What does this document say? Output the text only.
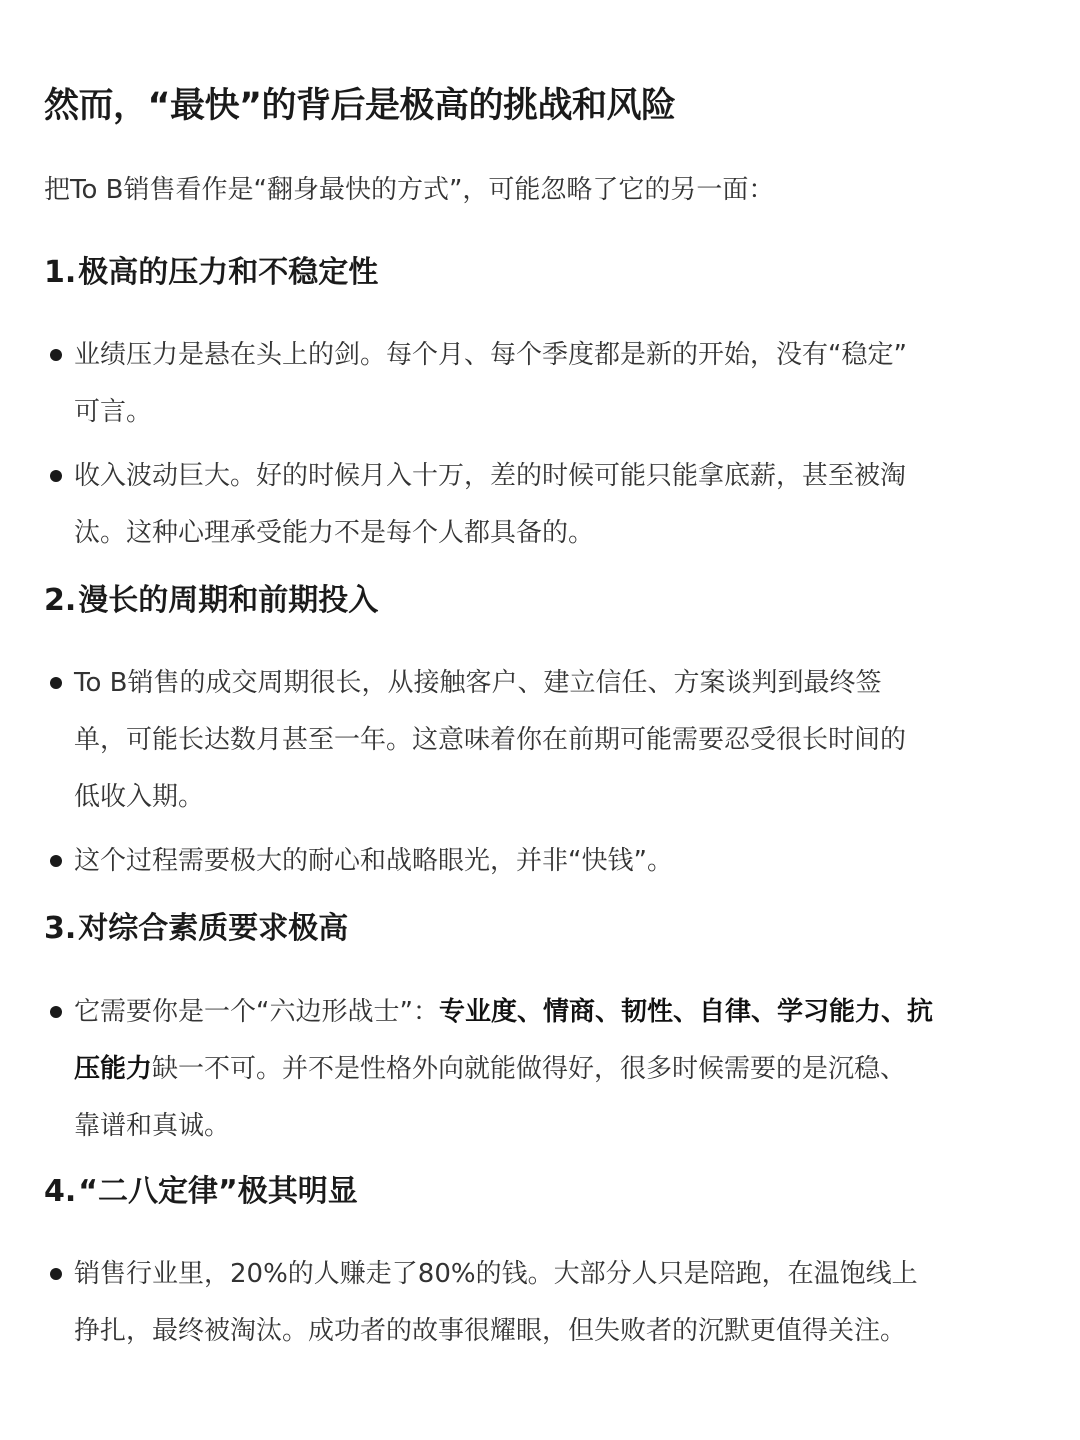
然而，“最快”的背后是极高的挑战和风险

把To B销售看作是“翻身最快的方式”，可能忽略了它的另一面：

1.极高的压力和不稳定性
业绩压力是悬在头上的剑。每个月、每个季度都是新的开始，没有“稳定”
可言。
收入波动巨大。好的时候月入十万，差的时候可能只能拿底薪，甚至被淘
汰。这种心理承受能力不是每个人都具备的。
2.漫长的周期和前期投入
To B销售的成交周期很长，从接触客户、建立信任、方案谈判到最终签
单，可能长达数月甚至一年。这意味着你在前期可能需要忍受很长时间的
低收入期。
这个过程需要极大的耐心和战略眼光，并非“快钱”。
3.对综合素质要求极高
它需要你是一个“六边形战士”：专业度、情商、韧性、自律、学习能力、抗
压能力缺一不可。并不是性格外向就能做得好，很多时候需要的是沉稳、
靠谱和真诚。
4.“二八定律”极其明显
销售行业里，20%的人赚走了80%的钱。大部分人只是陪跑，在温饱线上
挣扎，最终被淘汰。成功者的故事很耀眼，但失败者的沉默更值得关注。
